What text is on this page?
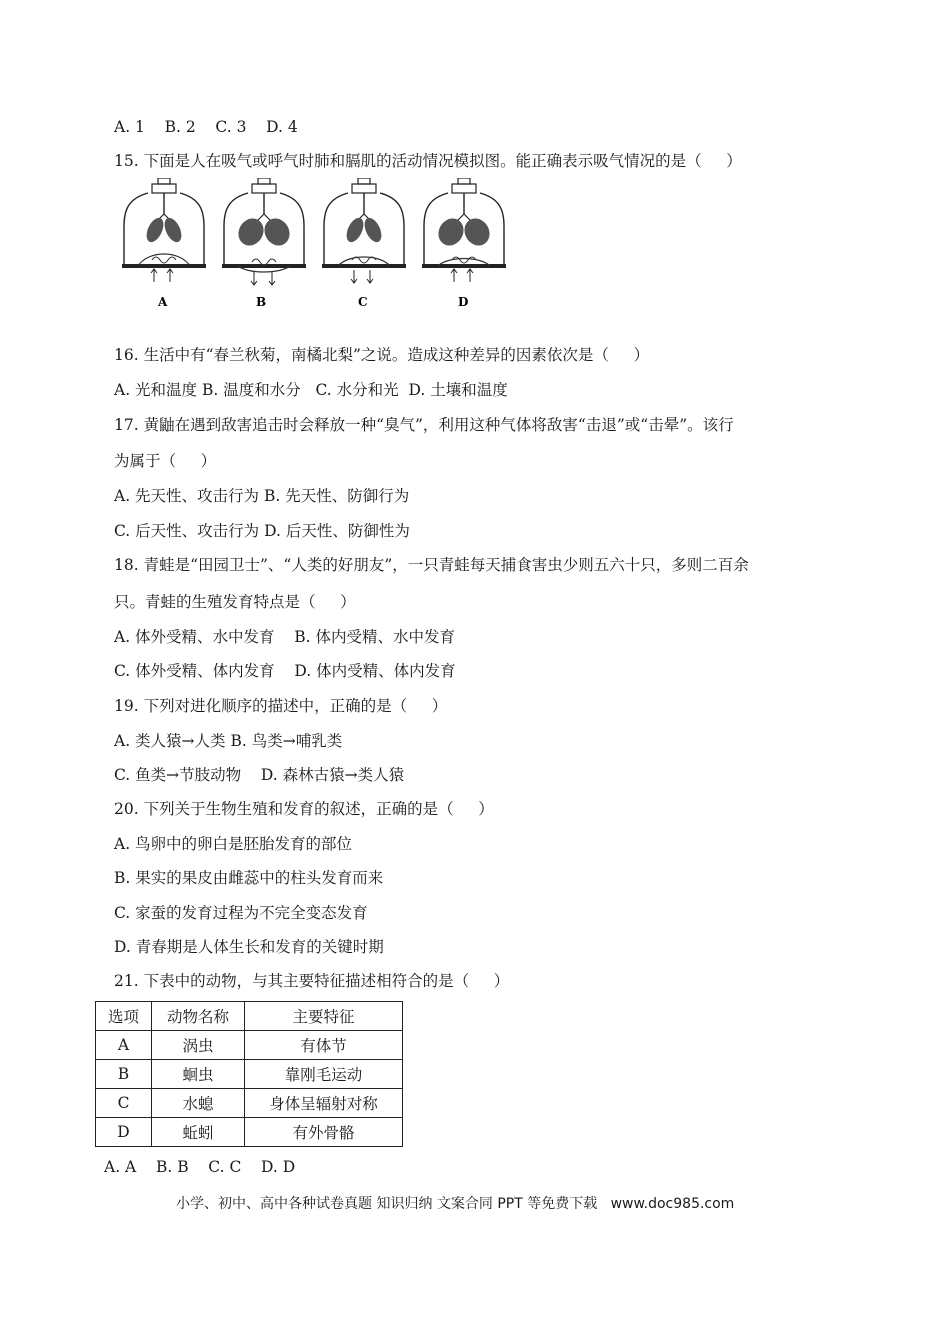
A. 1    B. 2    C. 3    D. 4
15. 下面是人在吸气或呼气时肺和膈肌的活动情况模拟图。能正确表示吸气情况的是（     ）
A	B	C	D
16. 生活中有“春兰秋菊，南橘北梨”之说。造成这种差异的因素依次是（     ）
A. 光和温度 B. 温度和水分   C. 水分和光  D. 土壤和温度
17. 黄鼬在遇到敌害追击时会释放一种“臭气”，利用这种气体将敌害“击退”或“击晕”。该行
为属于（     ）
A. 先天性、攻击行为 B. 先天性、防御行为
C. 后天性、攻击行为 D. 后天性、防御性为
18. 青蛙是“田园卫士”、“人类的好朋友”，一只青蛙每天捕食害虫少则五六十只，多则二百余
只。青蛙的生殖发育特点是（     ）
A. 体外受精、水中发育    B. 体内受精、水中发育
C. 体外受精、体内发育    D. 体内受精、体内发育
19. 下列对进化顺序的描述中，正确的是（     ）
A. 类人猿→人类 B. 鸟类→哺乳类
C. 鱼类→节肢动物    D. 森林古猿→类人猿
20. 下列关于生物生殖和发育的叙述，正确的是（     ）
A. 鸟卵中的卵白是胚胎发育的部位
B. 果实的果皮由雌蕊中的柱头发育而来
C. 家蚕的发育过程为不完全变态发育
D. 青春期是人体生长和发育的关键时期
21. 下表中的动物，与其主要特征描述相符合的是（     ）
选项	动物名称	主要特征
A	涡虫	有体节
B	蛔虫	靠刚毛运动
C	水螅	身体呈辐射对称
D	蚯蚓	有外骨骼
A. A    B. B    C. C    D. D
小学、初中、高中各种试卷真题 知识归纳 文案合同 PPT 等免费下载   www.doc985.com
